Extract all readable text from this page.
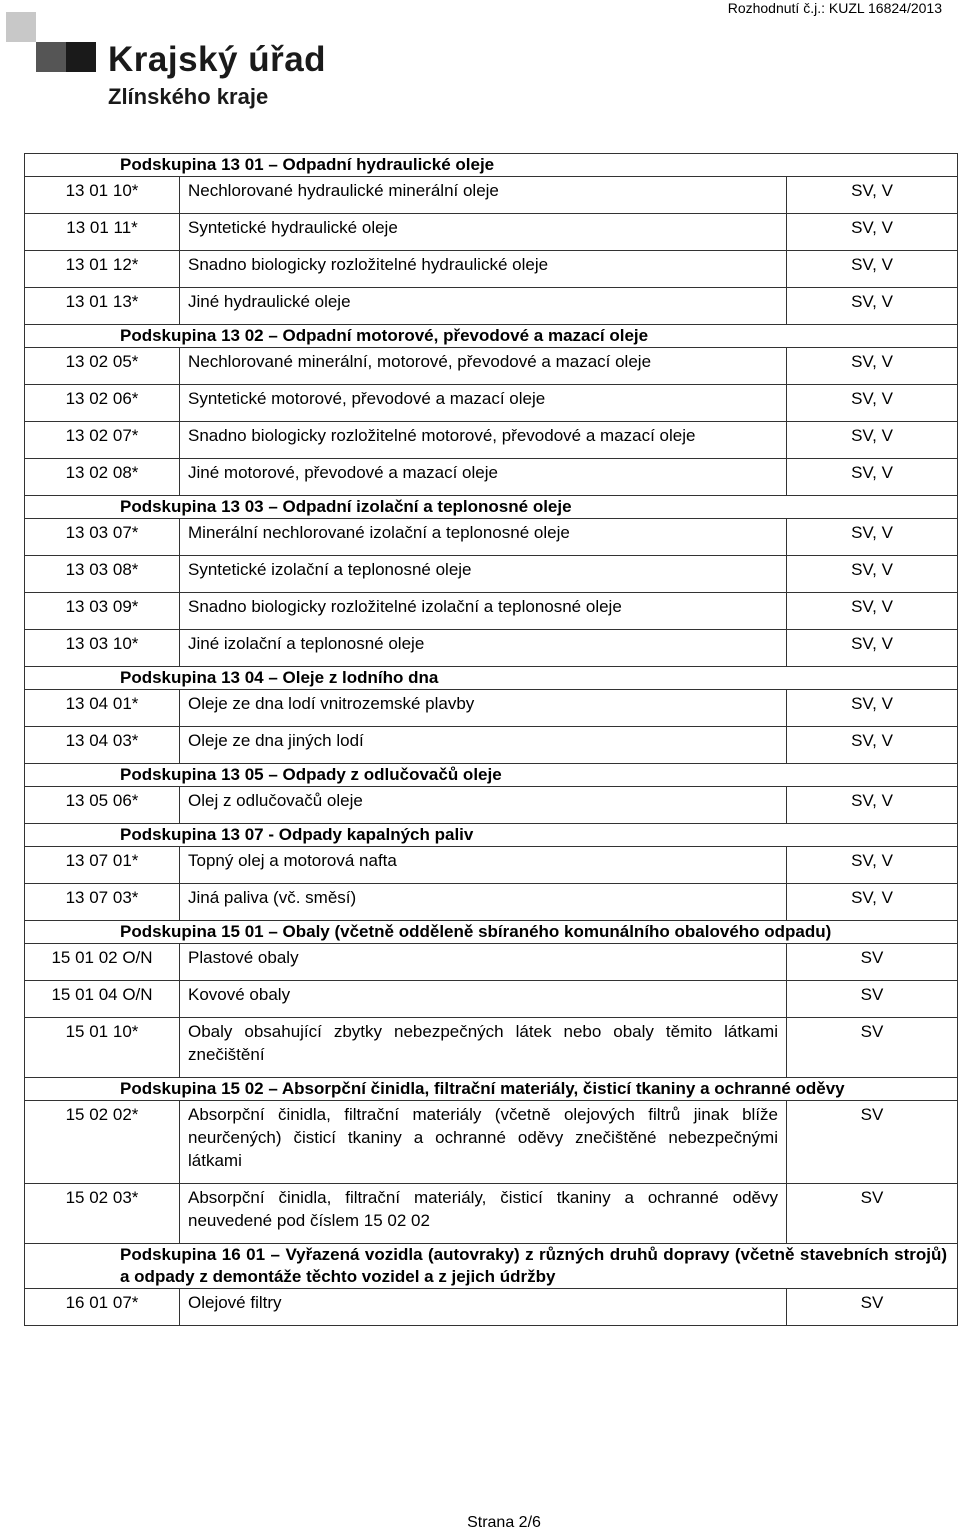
Rozhodnutí č.j.: KUZL 16824/2013
Krajský úřad
Zlínského kraje
Podskupina 13 01 – Odpadní hydraulické oleje		
13 01 10*	Nechlorované hydraulické minerální oleje	SV, V
13 01 11*	Syntetické hydraulické oleje	SV, V
13 01 12*	Snadno biologicky rozložitelné hydraulické oleje	SV, V
13 01 13*	Jiné hydraulické oleje	SV, V
Podskupina 13 02 – Odpadní motorové, převodové a mazací oleje		
13 02 05*	Nechlorované minerální, motorové, převodové a mazací oleje	SV, V
13 02 06*	Syntetické motorové, převodové a mazací oleje	SV, V
13 02 07*	Snadno biologicky rozložitelné motorové, převodové a mazací oleje	SV, V
13 02 08*	Jiné motorové, převodové a mazací oleje	SV, V
Podskupina 13 03 – Odpadní izolační a teplonosné oleje		
13 03 07*	Minerální nechlorované izolační a teplonosné oleje	SV, V
13 03 08*	Syntetické izolační a teplonosné oleje	SV, V
13 03 09*	Snadno biologicky rozložitelné izolační a teplonosné oleje	SV, V
13 03 10*	Jiné izolační a teplonosné oleje	SV, V
Podskupina 13 04 – Oleje z lodního dna		
13 04 01*	Oleje ze dna lodí vnitrozemské plavby	SV, V
13 04 03*	Oleje ze dna jiných lodí	SV, V
Podskupina 13 05 – Odpady z odlučovačů oleje		
13 05 06*	Olej z odlučovačů oleje	SV, V
Podskupina 13 07 - Odpady kapalných paliv		
13 07 01*	Topný olej a motorová nafta	SV, V
13 07 03*	Jiná paliva (vč. směsí)	SV, V
Podskupina 15 01 – Obaly (včetně odděleně sbíraného komunálního obalového odpadu)		
15 01 02 O/N	Plastové obaly	SV
15 01 04 O/N	Kovové obaly	SV
15 01 10*	Obaly obsahující zbytky nebezpečných látek nebo obaly těmito látkami znečištění	SV
Podskupina 15 02 – Absorpční činidla, filtrační materiály, čisticí tkaniny a ochranné oděvy		
15 02 02*	Absorpční činidla, filtrační materiály (včetně olejových filtrů jinak blíže neurčených) čisticí tkaniny a ochranné oděvy znečištěné nebezpečnými látkami	SV
15 02 03*	Absorpční činidla, filtrační materiály, čisticí tkaniny a ochranné oděvy neuvedené pod číslem 15 02 02	SV
Podskupina 16 01 – Vyřazená vozidla (autovraky) z různých druhů dopravy (včetně stavebních strojů) a odpady z demontáže těchto vozidel a z jejich údržby		
16 01 07*	Olejové filtry	SV
Strana 2/6
